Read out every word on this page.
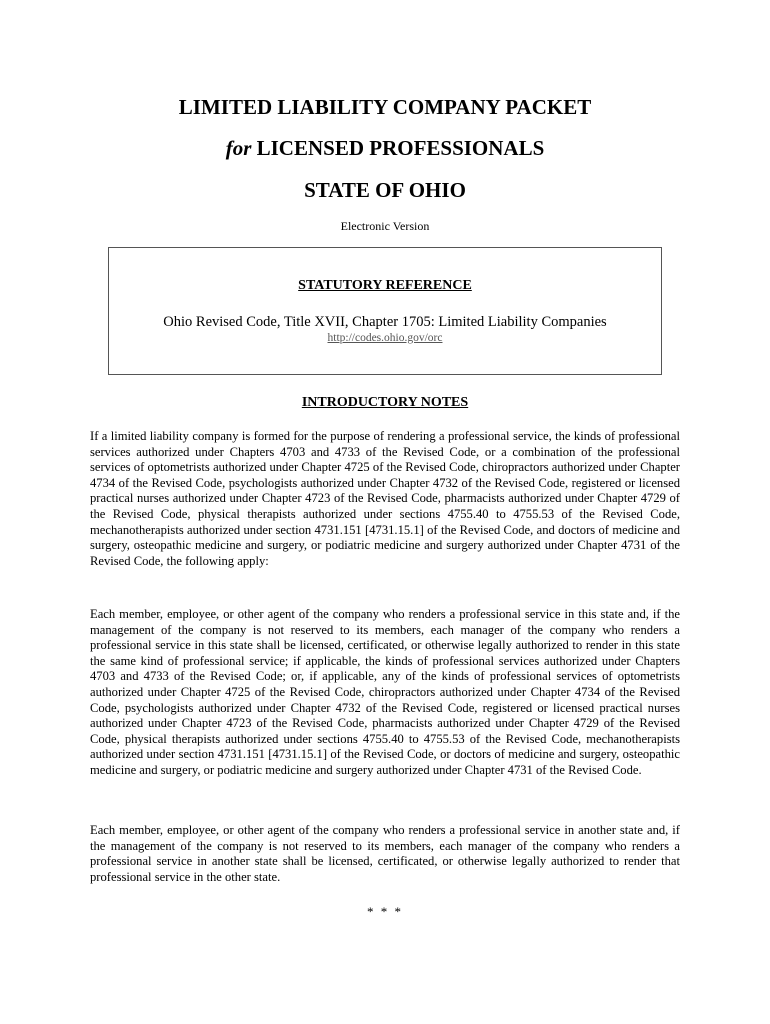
LIMITED LIABILITY COMPANY PACKET
for LICENSED PROFESSIONALS
STATE OF OHIO
Electronic Version
STATUTORY REFERENCE
Ohio Revised Code, Title XVII, Chapter 1705: Limited Liability Companies
http://codes.ohio.gov/orc
INTRODUCTORY NOTES

If a limited liability company is formed for the purpose of rendering a professional service, the kinds of professional services authorized under Chapters 4703 and 4733 of the Revised Code, or a combination of the professional services of optometrists authorized under Chapter 4725 of the Revised Code, chiropractors authorized under Chapter 4734 of the Revised Code, psychologists authorized under Chapter 4732 of the Revised Code, registered or licensed practical nurses authorized under Chapter 4723 of the Revised Code, pharmacists authorized under Chapter 4729 of the Revised Code, physical therapists authorized under sections 4755.40 to 4755.53 of the Revised Code, mechanotherapists authorized under section 4731.151 [4731.15.1] of the Revised Code, and doctors of medicine and surgery, osteopathic medicine and surgery, or podiatric medicine and surgery authorized under Chapter 4731 of the Revised Code, the following apply:

Each member, employee, or other agent of the company who renders a professional service in this state and, if the management of the company is not reserved to its members, each manager of the company who renders a professional service in this state shall be licensed, certificated, or otherwise legally authorized to render in this state the same kind of professional service; if applicable, the kinds of professional services authorized under Chapters 4703 and 4733 of the Revised Code; or, if applicable, any of the kinds of professional services of optometrists authorized under Chapter 4725 of the Revised Code, chiropractors authorized under Chapter 4734 of the Revised Code, psychologists authorized under Chapter 4732 of the Revised Code, registered or licensed practical nurses authorized under Chapter 4723 of the Revised Code, pharmacists authorized under Chapter 4729 of the Revised Code, physical therapists authorized under sections 4755.40 to 4755.53 of the Revised Code, mechanotherapists authorized under section 4731.151 [4731.15.1] of the Revised Code, or doctors of medicine and surgery, osteopathic medicine and surgery, or podiatric medicine and surgery authorized under Chapter 4731 of the Revised Code.

Each member, employee, or other agent of the company who renders a professional service in another state and, if the management of the company is not reserved to its members, each manager of the company who renders a professional service in another state shall be licensed, certificated, or otherwise legally authorized to render that professional service in the other state.

* * *
